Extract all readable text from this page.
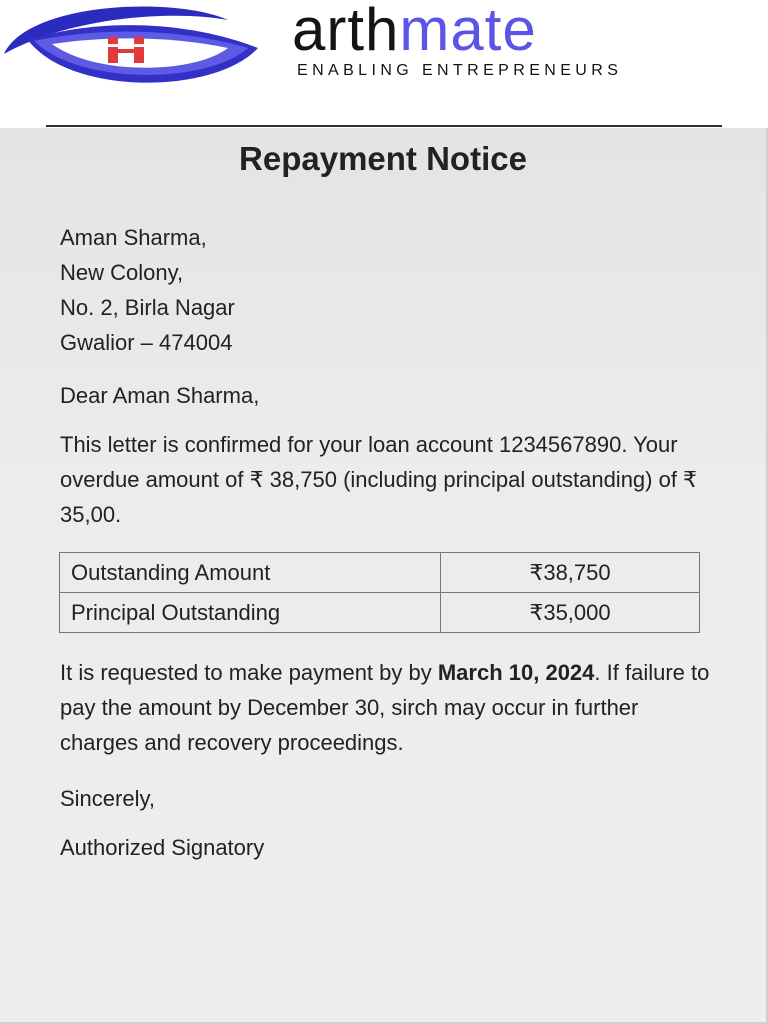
arthmate
ENABLING ENTREPRENEURS
Repayment Notice
Aman Sharma,
New Colony,
No. 2, Birla Nagar
Gwalior – 474004
Dear Aman Sharma,
This letter is confirmed for your loan account 1234567890. Your overdue amount of ₹ 38,750 (including principal outstanding) of ₹ 35,00.
Outstanding Amount	₹38,750
Principal Outstanding	₹35,000
It is requested to make payment by by March 10, 2024. If failure to pay the amount by December 30, sirch may occur in further charges and recovery proceedings.
Sincerely,
Authorized Signatory
